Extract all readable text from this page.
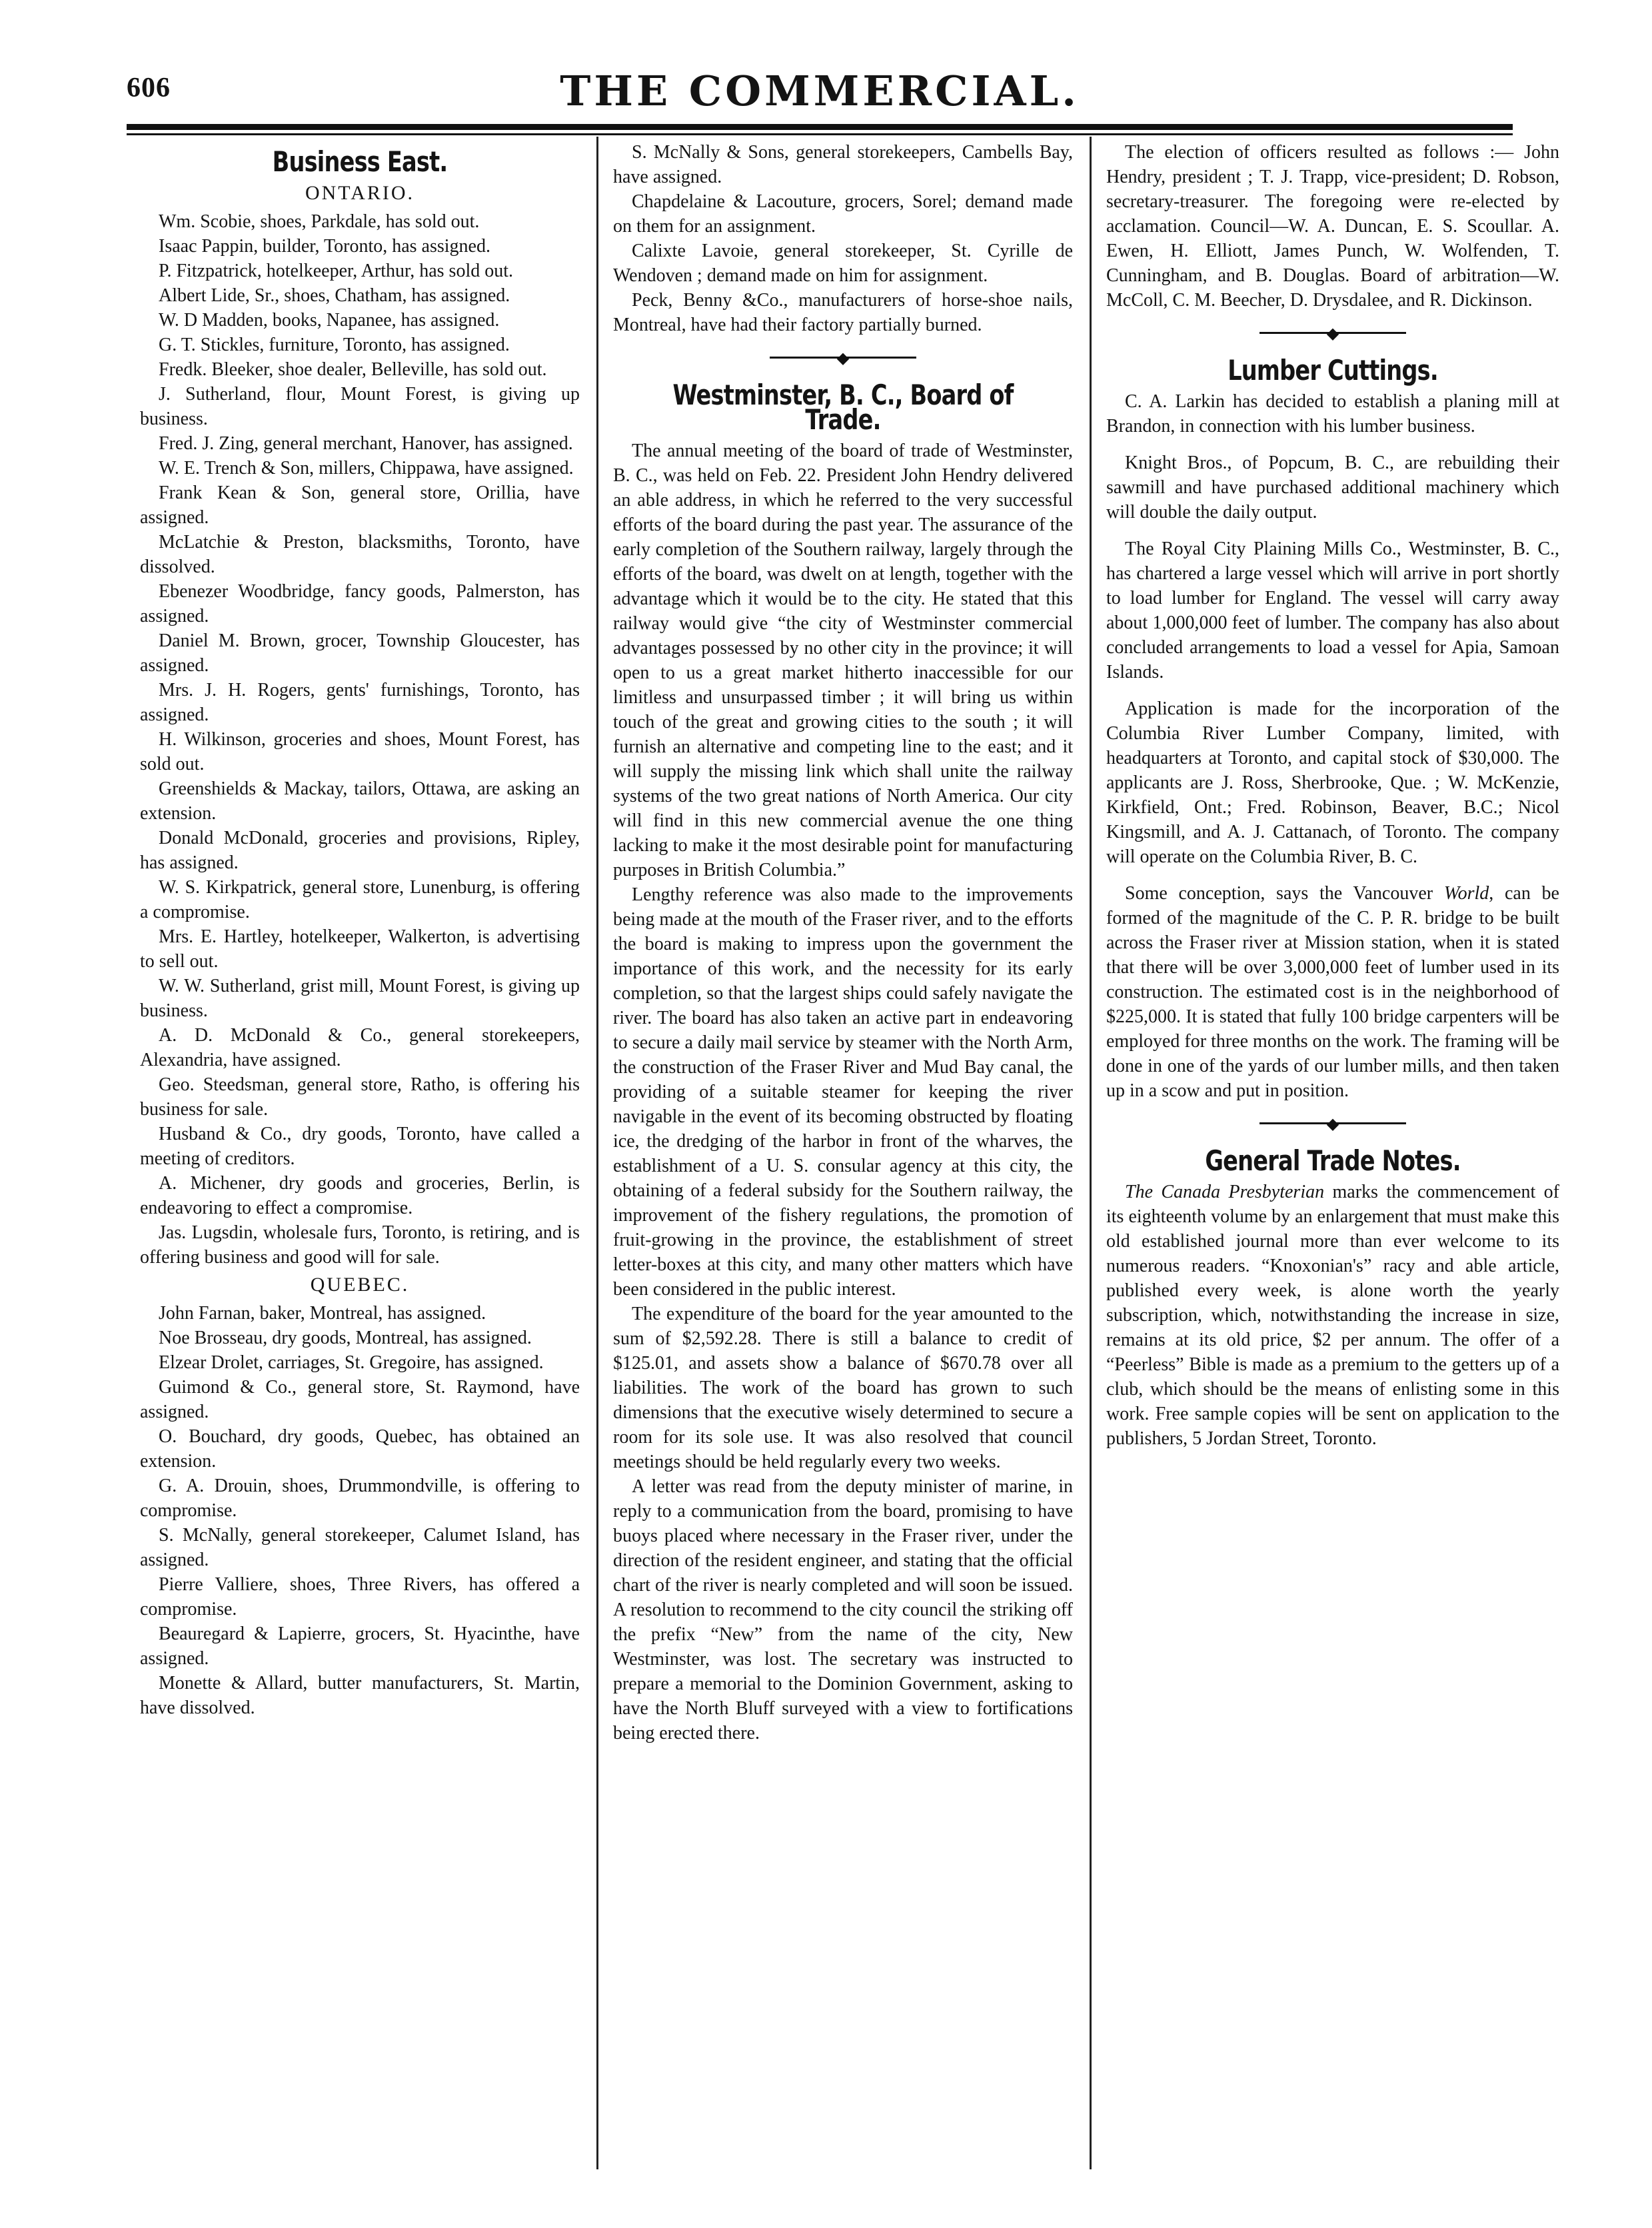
606	THE COMMERCIAL.
Business East.
ONTARIO.

Wm. Scobie, shoes, Parkdale, has sold out.

Isaac Pappin, builder, Toronto, has assigned.

P. Fitzpatrick, hotelkeeper, Arthur, has sold out.

Albert Lide, Sr., shoes, Chatham, has assigned.

W. D Madden, books, Napanee, has assigned.

G. T. Stickles, furniture, Toronto, has assigned.

Fredk. Bleeker, shoe dealer, Belleville, has sold out.

J. Sutherland, flour, Mount Forest, is giving up business.

Fred. J. Zing, general merchant, Hanover, has assigned.

W. E. Trench & Son, millers, Chippawa, have assigned.

Frank Kean & Son, general store, Orillia, have assigned.

McLatchie & Preston, blacksmiths, Toronto, have dissolved.

Ebenezer Woodbridge, fancy goods, Palmerston, has assigned.

Daniel M. Brown, grocer, Township Gloucester, has assigned.

Mrs. J. H. Rogers, gents' furnishings, Toronto, has assigned.

H. Wilkinson, groceries and shoes, Mount Forest, has sold out.

Greenshields & Mackay, tailors, Ottawa, are asking an extension.

Donald McDonald, groceries and provisions, Ripley, has assigned.

W. S. Kirkpatrick, general store, Lunenburg, is offering a compromise.

Mrs. E. Hartley, hotelkeeper, Walkerton, is advertising to sell out.

W. W. Sutherland, grist mill, Mount Forest, is giving up business.

A. D. McDonald & Co., general storekeepers, Alexandria, have assigned.

Geo. Steedsman, general store, Ratho, is offering his business for sale.

Husband & Co., dry goods, Toronto, have called a meeting of creditors.

A. Michener, dry goods and groceries, Berlin, is endeavoring to effect a compromise.

Jas. Lugsdin, wholesale furs, Toronto, is retiring, and is offering business and good will for sale.

QUEBEC.

John Farnan, baker, Montreal, has assigned.

Noe Brosseau, dry goods, Montreal, has assigned.

Elzear Drolet, carriages, St. Gregoire, has assigned.

Guimond & Co., general store, St. Raymond, have assigned.

O. Bouchard, dry goods, Quebec, has obtained an extension.

G. A. Drouin, shoes, Drummondville, is offering to compromise.

S. McNally, general storekeeper, Calumet Island, has assigned.

Pierre Valliere, shoes, Three Rivers, has offered a compromise.

Beauregard & Lapierre, grocers, St. Hyacinthe, have assigned.

Monette & Allard, butter manufacturers, St. Martin, have dissolved.

S. McNally & Sons, general storekeepers, Cambells Bay, have assigned.

Chapdelaine & Lacouture, grocers, Sorel; demand made on them for an assignment.

Calixte Lavoie, general storekeeper, St. Cyrille de Wendoven ; demand made on him for assignment.

Peck, Benny &Co., manufacturers of horse-shoe nails, Montreal, have had their factory partially burned.

◆
Westminster, B. C., Board of Trade.

The annual meeting of the board of trade of Westminster, B. C., was held on Feb. 22. President John Hendry delivered an able address, in which he referred to the very successful efforts of the board during the past year. The assurance of the early completion of the Southern railway, largely through the efforts of the board, was dwelt on at length, together with the advantage which it would be to the city. He stated that this railway would give “the city of Westminster commercial advantages possessed by no other city in the province; it will open to us a great market hitherto inaccessible for our limitless and unsurpassed timber ; it will bring us within touch of the great and growing cities to the south ; it will furnish an alternative and competing line to the east; and it will supply the missing link which shall unite the railway systems of the two great nations of North America. Our city will find in this new commercial avenue the one thing lacking to make it the most desirable point for manufacturing purposes in British Columbia.”

Lengthy reference was also made to the improvements being made at the mouth of the Fraser river, and to the efforts the board is making to impress upon the government the importance of this work, and the necessity for its early completion, so that the largest ships could safely navigate the river. The board has also taken an active part in endeavoring to secure a daily mail service by steamer with the North Arm, the construction of the Fraser River and Mud Bay canal, the providing of a suitable steamer for keeping the river navigable in the event of its becoming obstructed by floating ice, the dredging of the harbor in front of the wharves, the establishment of a U. S. consular agency at this city, the obtaining of a federal subsidy for the Southern railway, the improvement of the fishery regulations, the promotion of fruit-growing in the province, the establishment of street letter-boxes at this city, and many other matters which have been considered in the public interest.

The expenditure of the board for the year amounted to the sum of $2,592.28. There is still a balance to credit of $125.01, and assets show a balance of $670.78 over all liabilities. The work of the board has grown to such dimensions that the executive wisely determined to secure a room for its sole use. It was also resolved that council meetings should be held regularly every two weeks.

A letter was read from the deputy minister of marine, in reply to a communication from the board, promising to have buoys placed where necessary in the Fraser river, under the direction of the resident engineer, and stating that the official chart of the river is nearly completed and will soon be issued. A resolution to recommend to the city council the striking off the prefix “New” from the name of the city, New Westminster, was lost. The secretary was instructed to prepare a memorial to the Dominion Government, asking to have the North Bluff surveyed with a view to fortifications being erected there.

The election of officers resulted as follows :— John Hendry, president ; T. J. Trapp, vice-president; D. Robson, secretary-treasurer. The foregoing were re-elected by acclamation. Council—W. A. Duncan, E. S. Scoullar. A. Ewen, H. Elliott, James Punch, W. Wolfenden, T. Cunningham, and B. Douglas. Board of arbitration—W. McColl, C. M. Beecher, D. Drysdalee, and R. Dickinson.

◆
Lumber Cuttings.

C. A. Larkin has decided to establish a planing mill at Brandon, in connection with his lumber business.

Knight Bros., of Popcum, B. C., are rebuilding their sawmill and have purchased additional machinery which will double the daily output.

The Royal City Plaining Mills Co., Westminster, B. C., has chartered a large vessel which will arrive in port shortly to load lumber for England. The vessel will carry away about 1,000,000 feet of lumber. The company has also about concluded arrangements to load a vessel for Apia, Samoan Islands.

Application is made for the incorporation of the Columbia River Lumber Company, limited, with headquarters at Toronto, and capital stock of $30,000. The applicants are J. Ross, Sherbrooke, Que. ; W. McKenzie, Kirkfield, Ont.; Fred. Robinson, Beaver, B.C.; Nicol Kingsmill, and A. J. Cattanach, of Toronto. The company will operate on the Columbia River, B. C.

Some conception, says the Vancouver World, can be formed of the magnitude of the C. P. R. bridge to be built across the Fraser river at Mission station, when it is stated that there will be over 3,000,000 feet of lumber used in its construction. The estimated cost is in the neighborhood of $225,000. It is stated that fully 100 bridge carpenters will be employed for three months on the work. The framing will be done in one of the yards of our lumber mills, and then taken up in a scow and put in position.

◆
General Trade Notes.

The Canada Presbyterian marks the commencement of its eighteenth volume by an enlargement that must make this old established journal more than ever welcome to its numerous readers. “Knoxonian's” racy and able article, published every week, is alone worth the yearly subscription, which, notwithstanding the increase in size, remains at its old price, $2 per annum. The offer of a “Peerless” Bible is made as a premium to the getters up of a club, which should be the means of enlisting some in this work. Free sample copies will be sent on application to the publishers, 5 Jordan Street, Toronto.
